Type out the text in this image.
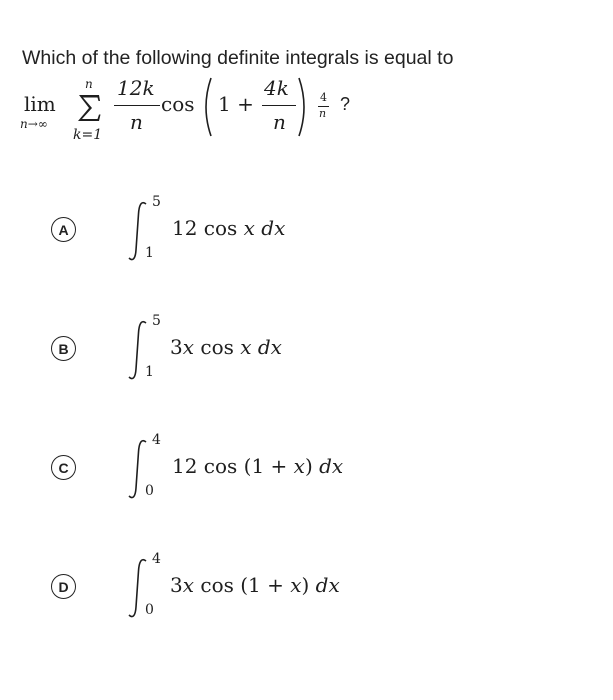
Which of the following definite integrals is equal to
lim
n→∞
n
k=1
12k
n
cos 1 +
4k
n
4
n ?
A
5
1
12 cos 𝑥 𝑑𝑥
B
5
1
3𝑥 cos 𝑥 𝑑𝑥
C
4
0
12 cos (1 + 𝑥) 𝑑𝑥
D
4
0
3𝑥 cos (1 + 𝑥) 𝑑𝑥
